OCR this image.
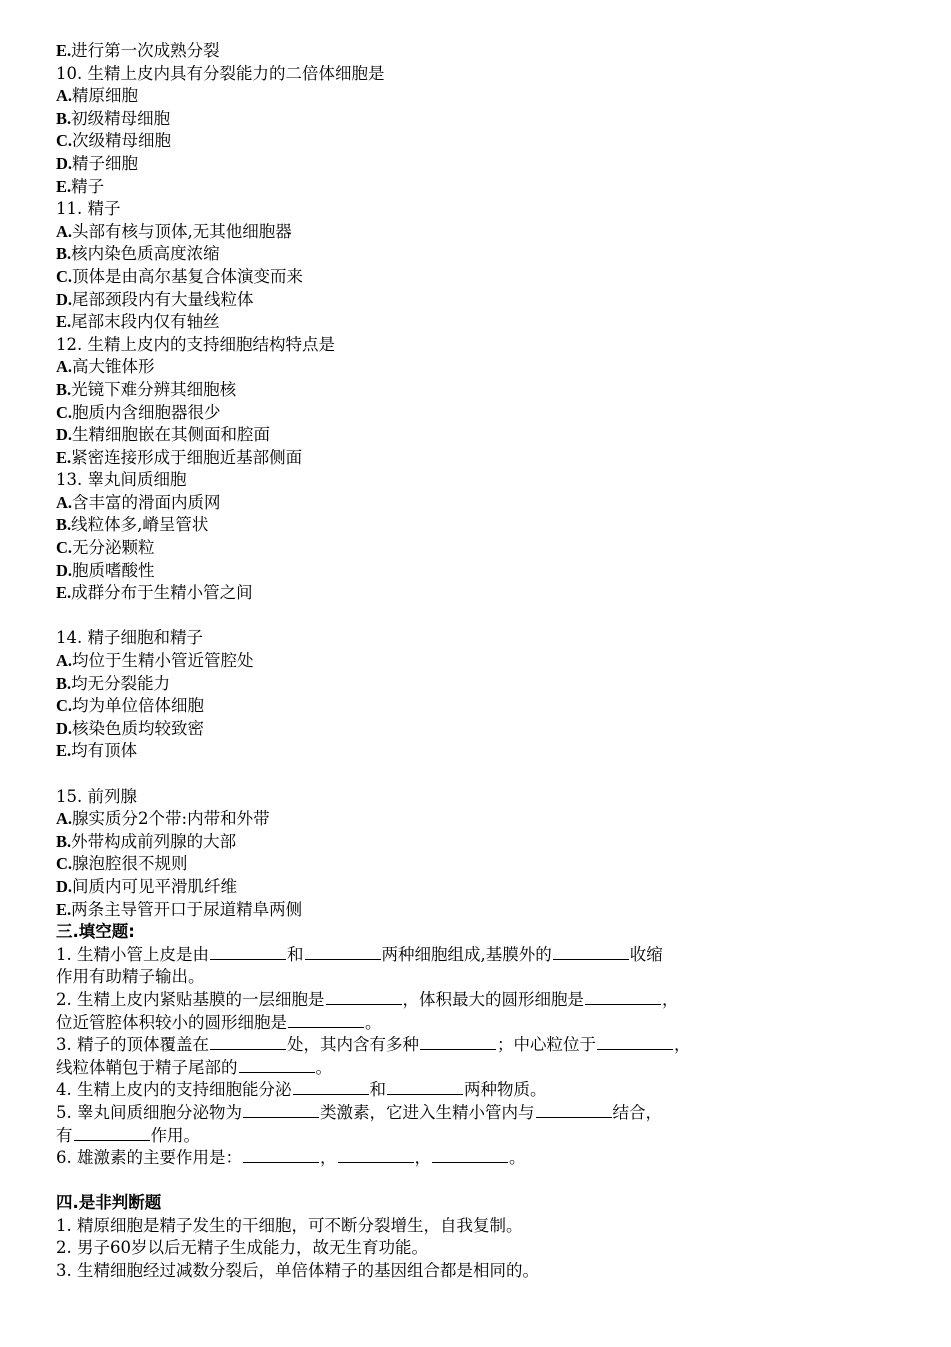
E.进行第一次成熟分裂
10. 生精上皮内具有分裂能力的二倍体细胞是
A.精原细胞
B.初级精母细胞
C.次级精母细胞
D.精子细胞
E.精子
11. 精子
A.头部有核与顶体,无其他细胞器
B.核内染色质高度浓缩
C.顶体是由高尔基复合体演变而来
D.尾部颈段内有大量线粒体
E.尾部末段内仅有轴丝
12. 生精上皮内的支持细胞结构特点是
A.高大锥体形
B.光镜下难分辨其细胞核
C.胞质内含细胞器很少
D.生精细胞嵌在其侧面和腔面
E.紧密连接形成于细胞近基部侧面
13. 睾丸间质细胞
A.含丰富的滑面内质网
B.线粒体多,嵴呈管状
C.无分泌颗粒
D.胞质嗜酸性
E.成群分布于生精小管之间
14. 精子细胞和精子
A.均位于生精小管近管腔处
B.均无分裂能力
C.均为单位倍体细胞
D.核染色质均较致密
E.均有顶体
15. 前列腺
A.腺实质分2个带:内带和外带
B.外带构成前列腺的大部
C.腺泡腔很不规则
D.间质内可见平滑肌纤维
E.两条主导管开口于尿道精阜两侧
三.填空题:
1. 生精小管上皮是由	和	两种细胞组成,基膜外的	收缩
作用有助精子输出。
2. 生精上皮内紧贴基膜的一层细胞是	，体积最大的圆形细胞是	，
位近管腔体积较小的圆形细胞是	。
3. 精子的顶体覆盖在	处，其内含有多种	；中心粒位于	，
线粒体鞘包于精子尾部的	。
4. 生精上皮内的支持细胞能分泌	和	两种物质。
5. 睾丸间质细胞分泌物为	类激素，它进入生精小管内与	结合，
有	作用。
6. 雄激素的主要作用是：	，	，	。
四.是非判断题
1. 精原细胞是精子发生的干细胞，可不断分裂增生，自我复制。
2. 男子60岁以后无精子生成能力，故无生育功能。
3. 生精细胞经过减数分裂后，单倍体精子的基因组合都是相同的。
